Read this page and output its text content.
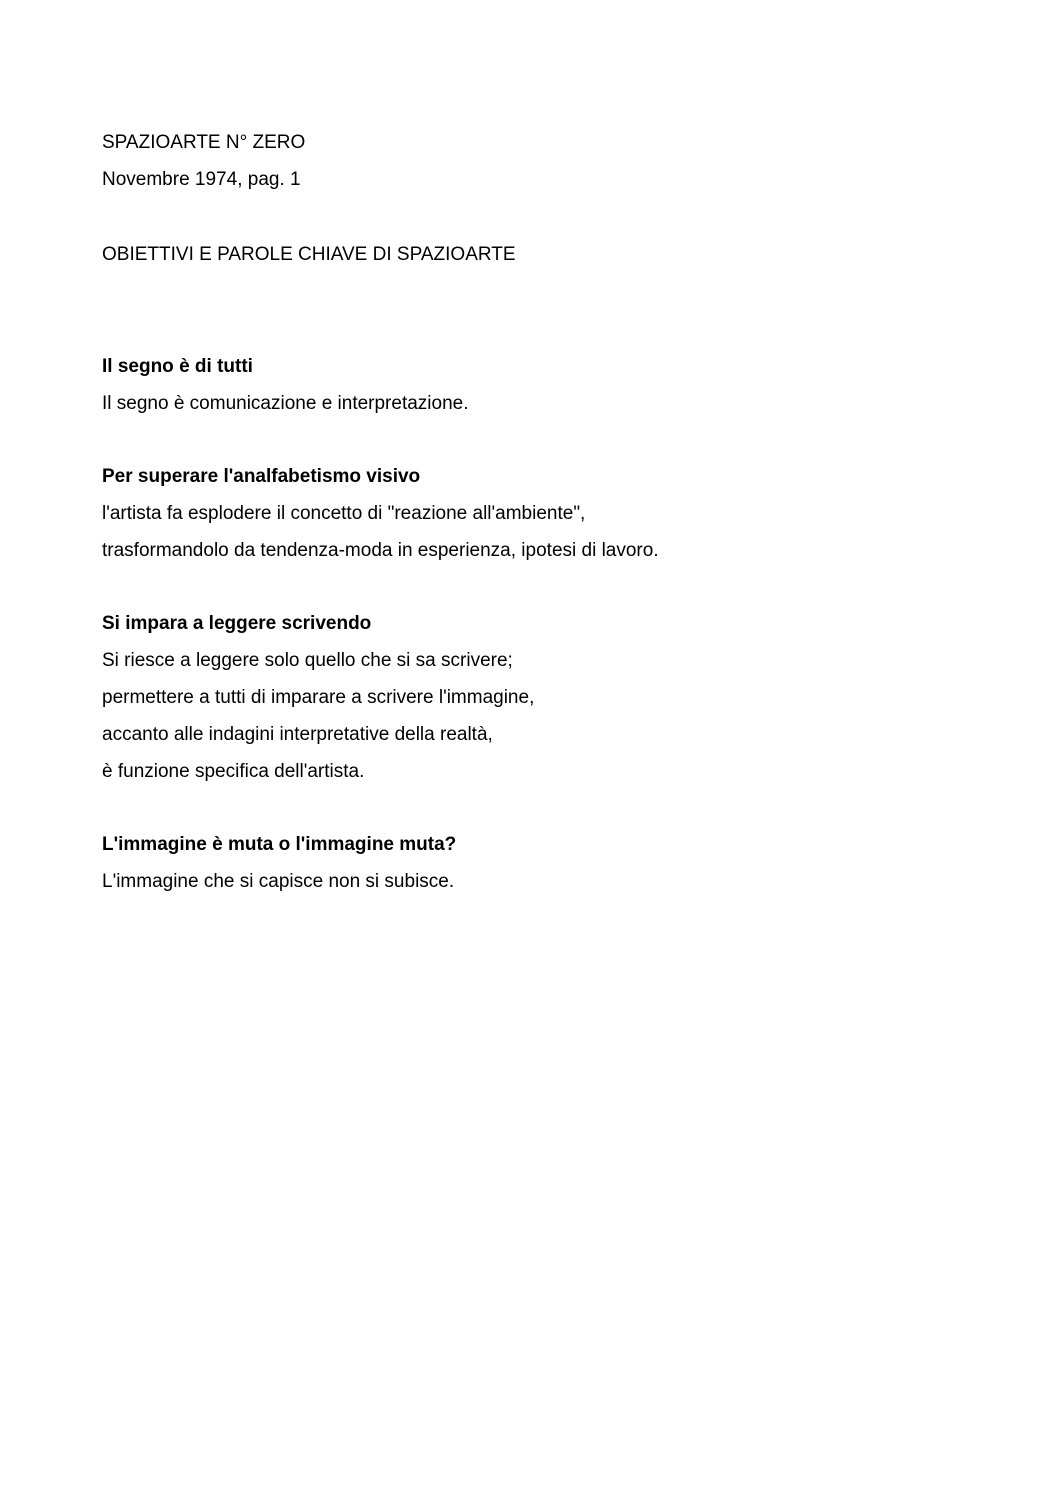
SPAZIOARTE N° ZERO

Novembre 1974, pag. 1

OBIETTIVI E PAROLE CHIAVE DI SPAZIOARTE

Il segno è di tutti

Il segno è comunicazione e interpretazione.

Per superare l'analfabetismo visivo

l'artista fa esplodere il concetto di "reazione all'ambiente",

trasformandolo da tendenza-moda in esperienza, ipotesi di lavoro.

Si impara a leggere scrivendo

Si riesce a leggere solo quello che si sa scrivere;

permettere a tutti di imparare a scrivere l'immagine,

accanto alle indagini interpretative della realtà,

è funzione specifica dell'artista.

L'immagine è muta o l'immagine muta?

L'immagine che si capisce non si subisce.
